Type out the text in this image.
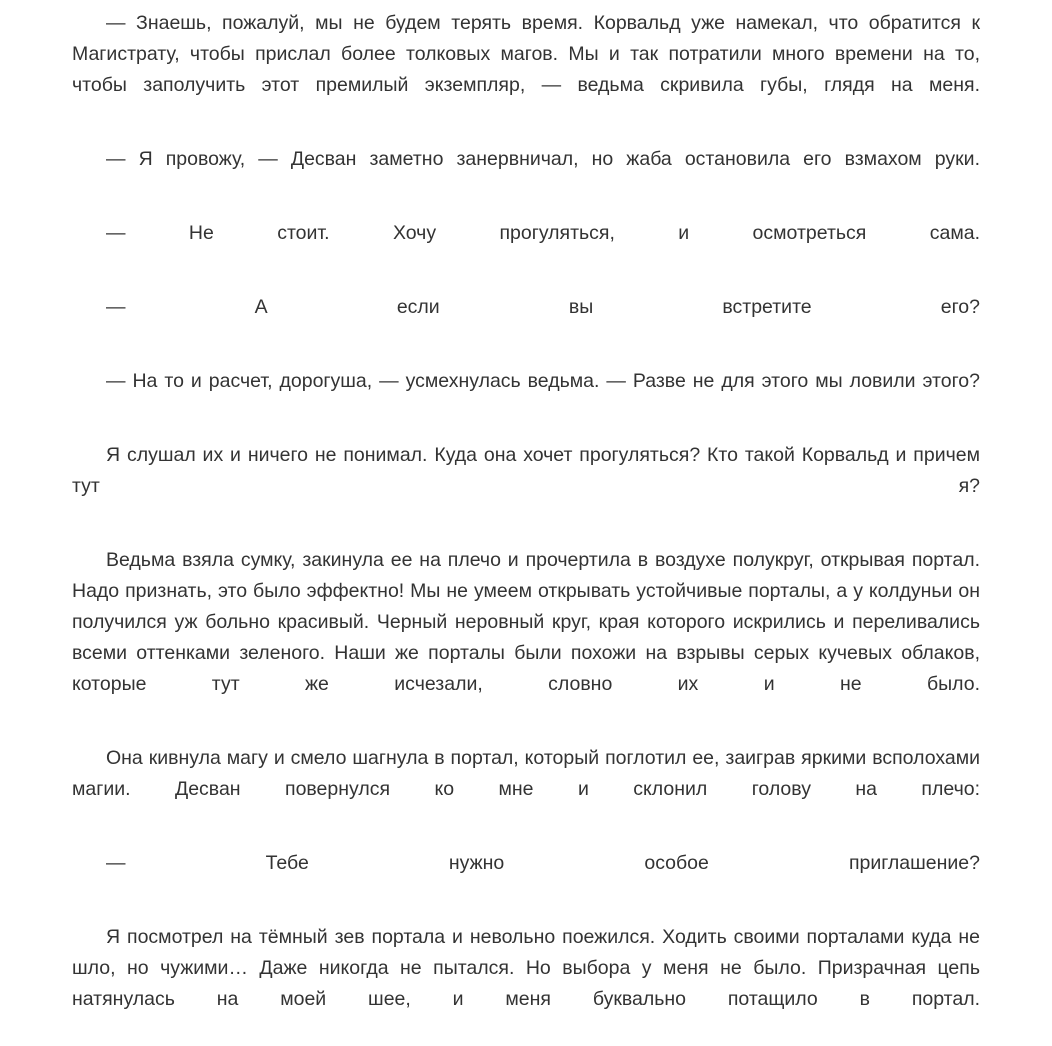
— Знаешь, пожалуй, мы не будем терять время. Корвальд уже намекал, что обратится к Магистрату, чтобы прислал более толковых магов. Мы и так потратили много времени на то, чтобы заполучить этот премилый экземпляр, — ведьма скривила губы, глядя на меня.

— Я провожу, — Десван заметно занервничал, но жаба остановила его взмахом руки.

— Не стоит. Хочу прогуляться, и осмотреться сама.

— А если вы встретите его?

— На то и расчет, дорогуша, — усмехнулась ведьма. — Разве не для этого мы ловили этого?

Я слушал их и ничего не понимал. Куда она хочет прогуляться? Кто такой Корвальд и причем тут я?

Ведьма взяла сумку, закинула ее на плечо и прочертила в воздухе полукруг, открывая портал. Надо признать, это было эффектно! Мы не умеем открывать устойчивые порталы, а у колдуньи он получился уж больно красивый. Черный неровный круг, края которого искрились и переливались всеми оттенками зеленого. Наши же порталы были похожи на взрывы серых кучевых облаков, которые тут же исчезали, словно их и не было.

Она кивнула магу и смело шагнула в портал, который поглотил ее, заиграв яркими всполохами магии. Десван повернулся ко мне и склонил голову на плечо:

— Тебе нужно особое приглашение?

Я посмотрел на тёмный зев портала и невольно поежился. Ходить своими порталами куда не шло, но чужими… Даже никогда не пытался. Но выбора у меня не было. Призрачная цепь натянулась на моей шее, и меня буквально потащило в портал.
